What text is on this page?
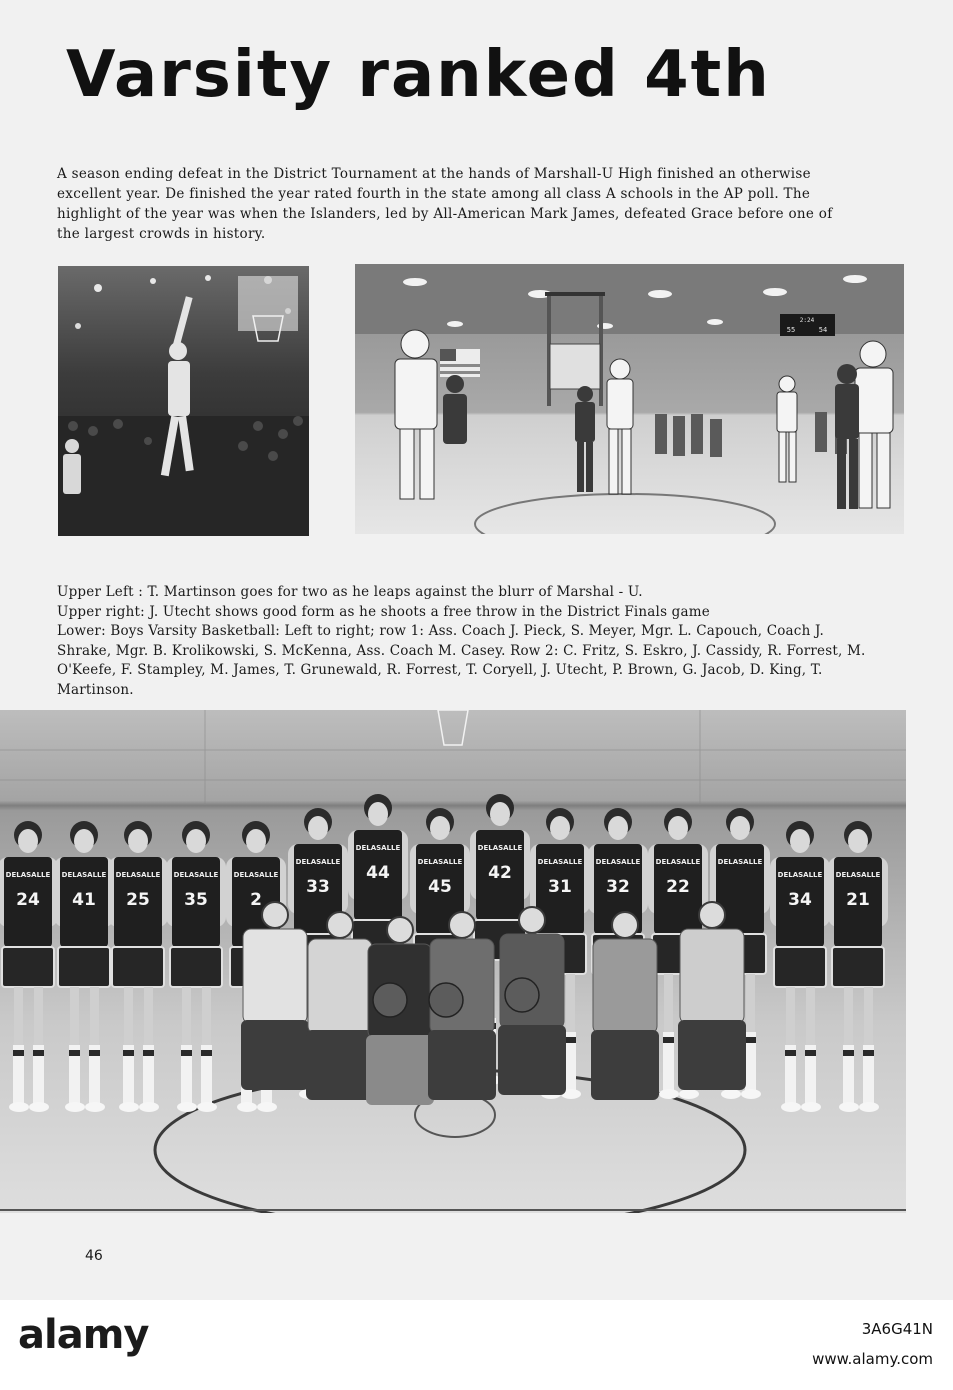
Varsity ranked 4th
A season ending defeat in the District Tournament at the hands of Marshall-U High finished an otherwise excellent year. De finished the year rated fourth in the state among all class A schools in the AP poll. The highlight of the year was when the Islanders, led by All-American Mark James, defeated Grace before one of the largest crowds in history.
2:24
55	54

Upper Left : T. Martinson goes for two as he leaps against the blurr of Marshal - U.

Upper right: J. Utecht shows good form as he shoots a free throw in the District Finals game

Lower: Boys Varsity Basketball: Left to right; row 1: Ass. Coach J. Pieck, S. Meyer, Mgr. L. Capouch, Coach J. Shrake, Mgr. B. Krolikowski, S. McKenna, Ass. Coach M. Casey. Row 2: C. Fritz, S. Eskro, J. Cassidy, R. Forrest, M. O'Keefe, F. Stampley, M. James, T. Grunewald, R. Forrest, T. Coryell, J. Utecht, P. Brown, G. Jacob, D. King, T. Martinson.

DELASALLE
24
DELASALLE
41
DELASALLE
25
DELASALLE
35
DELASALLE
2
DELASALLE
33
DELASALLE
44
DELASALLE
45
DELASALLE
42
DELASALLE
31
DELASALLE
32
DELASALLE
22
DELASALLE
DELASALLE
34
DELASALLE
21
46
alamy	3A6G41N
www.alamy.com
